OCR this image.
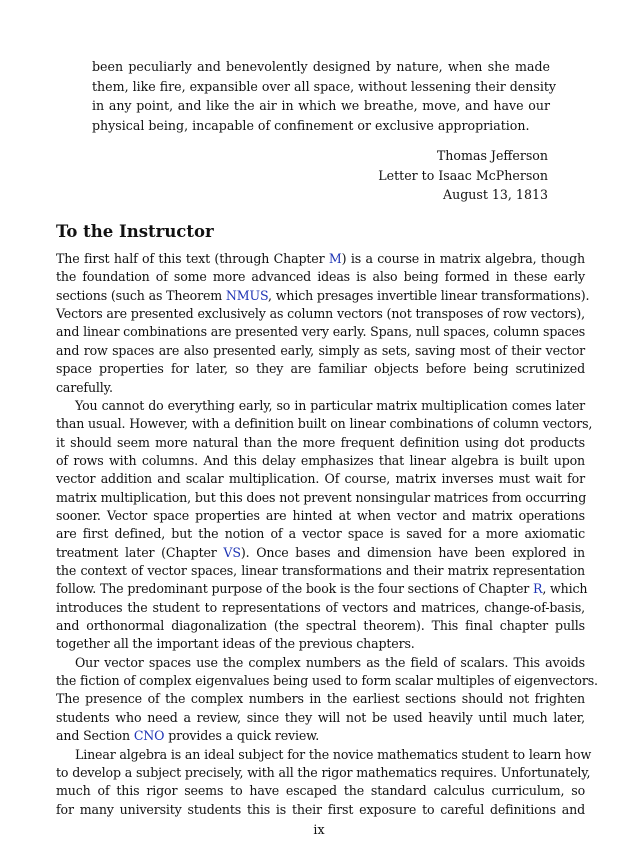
been peculiarly and benevolently designed by nature, when she made
them, like fire, expansible over all space, without lessening their density
in any point, and like the air in which we breathe, move, and have our
physical being, incapable of confinement or exclusive appropriation.
Thomas Jefferson
Letter to Isaac McPherson
August 13, 1813
To the Instructor
The first half of this text (through Chapter M) is a course in matrix algebra, though
the foundation of some more advanced ideas is also being formed in these early
sections (such as Theorem NMUS, which presages invertible linear transformations).
Vectors are presented exclusively as column vectors (not transposes of row vectors),
and linear combinations are presented very early. Spans, null spaces, column spaces
and row spaces are also presented early, simply as sets, saving most of their vector
space properties for later, so they are familiar objects before being scrutinized
carefully.
You cannot do everything early, so in particular matrix multiplication comes later
than usual. However, with a definition built on linear combinations of column vectors,
it should seem more natural than the more frequent definition using dot products
of rows with columns. And this delay emphasizes that linear algebra is built upon
vector addition and scalar multiplication. Of course, matrix inverses must wait for
matrix multiplication, but this does not prevent nonsingular matrices from occurring
sooner. Vector space properties are hinted at when vector and matrix operations
are first defined, but the notion of a vector space is saved for a more axiomatic
treatment later (Chapter VS). Once bases and dimension have been explored in
the context of vector spaces, linear transformations and their matrix representation
follow. The predominant purpose of the book is the four sections of Chapter R, which
introduces the student to representations of vectors and matrices, change-of-basis,
and orthonormal diagonalization (the spectral theorem). This final chapter pulls
together all the important ideas of the previous chapters.
Our vector spaces use the complex numbers as the field of scalars. This avoids
the fiction of complex eigenvalues being used to form scalar multiples of eigenvectors.
The presence of the complex numbers in the earliest sections should not frighten
students who need a review, since they will not be used heavily until much later,
and Section CNO provides a quick review.
Linear algebra is an ideal subject for the novice mathematics student to learn how
to develop a subject precisely, with all the rigor mathematics requires. Unfortunately,
much of this rigor seems to have escaped the standard calculus curriculum, so
for many university students this is their first exposure to careful definitions and
ix
